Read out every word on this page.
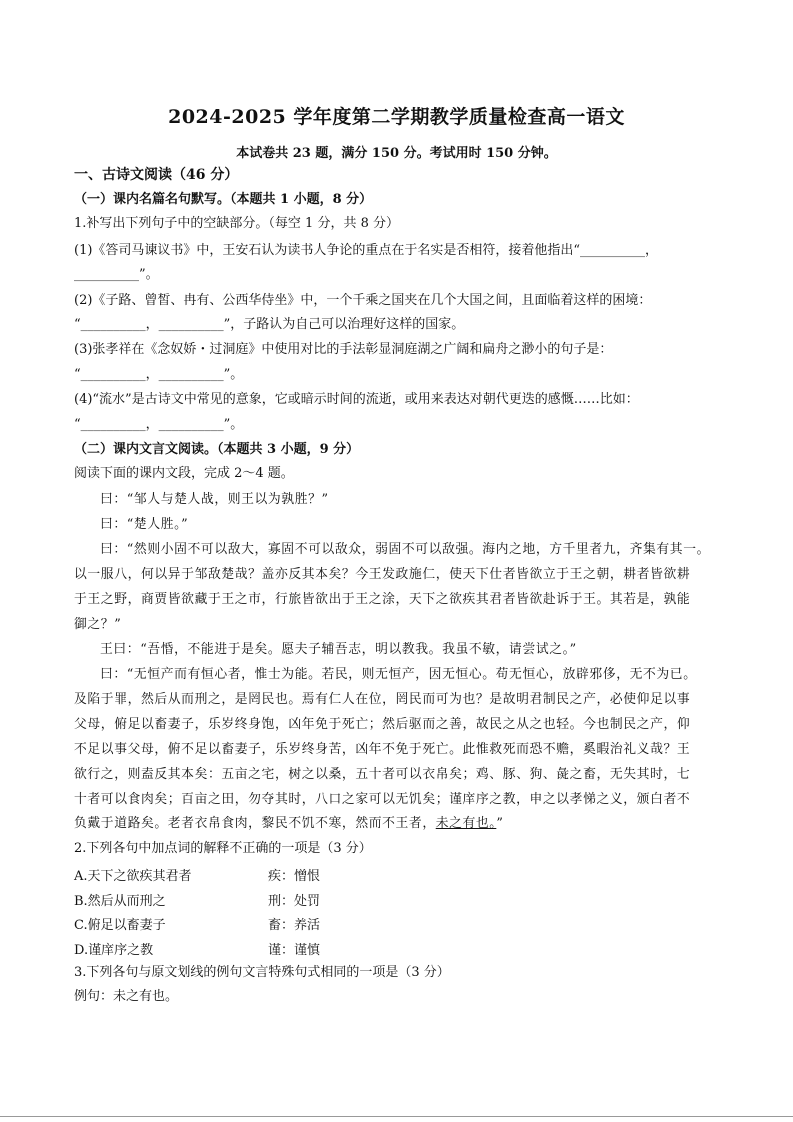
2024-2025 学年度第二学期教学质量检查高一语文
本试卷共 23 题，满分 150 分。考试用时 150 分钟。
一、古诗文阅读（46 分）
（一）课内名篇名句默写。（本题共 1 小题，8 分）
1.补写出下列句子中的空缺部分。（每空 1 分，共 8 分）
(1)《答司马谏议书》中，王安石认为读书人争论的重点在于名实是否相符，接着他指出“__________，
__________”。
(2)《子路、曾皙、冉有、公西华侍坐》中，一个千乘之国夹在几个大国之间，且面临着这样的困境：
“__________，__________”，子路认为自己可以治理好这样的国家。
(3)张孝祥在《念奴娇・过洞庭》中使用对比的手法彰显洞庭湖之广阔和扁舟之渺小的句子是：
“__________，__________”。
(4)“流水”是古诗文中常见的意象，它或暗示时间的流逝，或用来表达对朝代更迭的感慨……比如：
“__________，__________”。
（二）课内文言文阅读。（本题共 3 小题，9 分）
阅读下面的课内文段，完成 2～4 题。
曰：“邹人与楚人战，则王以为孰胜？”
曰：“楚人胜。”
曰：“然则小固不可以敌大，寡固不可以敌众，弱固不可以敌强。海内之地，方千里者九，齐集有其一。
以一服八，何以异于邹敌楚哉？盖亦反其本矣？今王发政施仁，使天下仕者皆欲立于王之朝，耕者皆欲耕
于王之野，商贾皆欲藏于王之市，行旅皆欲出于王之涂，天下之欲疾其君者皆欲赴诉于王。其若是，孰能
御之？”
王曰：“吾惛，不能进于是矣。愿夫子辅吾志，明以教我。我虽不敏，请尝试之。”
曰：“无恒产而有恒心者，惟士为能。若民，则无恒产，因无恒心。苟无恒心，放辟邪侈，无不为已。
及陷于罪，然后从而刑之，是罔民也。焉有仁人在位，罔民而可为也？是故明君制民之产，必使仰足以事
父母，俯足以畜妻子，乐岁终身饱，凶年免于死亡；然后驱而之善，故民之从之也轻。今也制民之产，仰
不足以事父母，俯不足以畜妻子，乐岁终身苦，凶年不免于死亡。此惟救死而恐不赡，奚暇治礼义哉？王
欲行之，则盍反其本矣：五亩之宅，树之以桑，五十者可以衣帛矣；鸡、豚、狗、彘之畜，无失其时，七
十者可以食肉矣；百亩之田，勿夺其时，八口之家可以无饥矣；谨庠序之教，申之以孝悌之义，颁白者不
负戴于道路矣。老者衣帛食肉，黎民不饥不寒，然而不王者，未之有也。”
2.下列各句中加点词的解释不正确的一项是（3 分）
A.天下之欲疾其君者	疾：憎恨
B.然后从而刑之	刑：处罚
C.俯足以畜妻子	畜：养活
D.谨庠序之教	谨：谨慎
3.下列各句与原文划线的例句文言特殊句式相同的一项是（3 分）
例句：未之有也。
